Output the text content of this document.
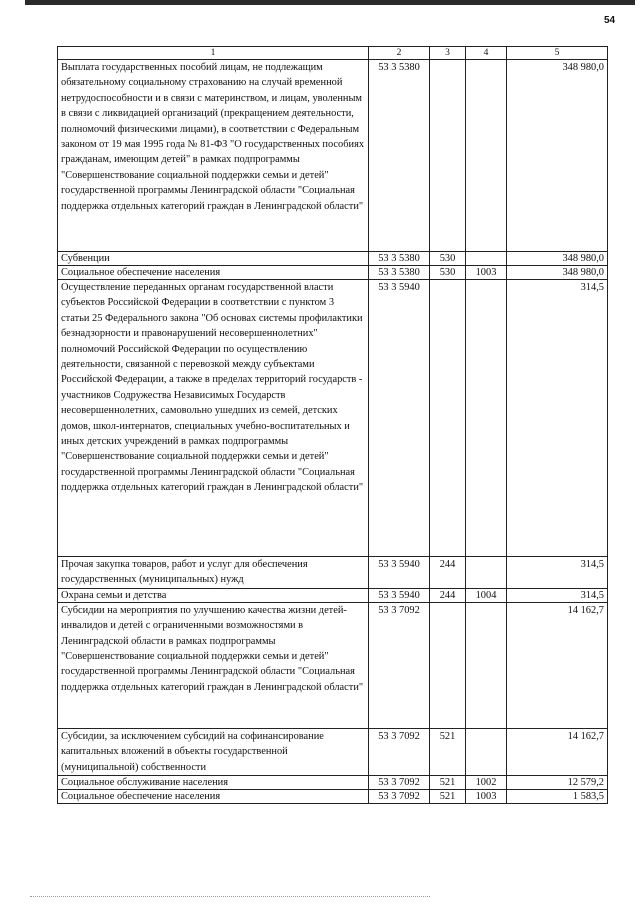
54
1	2	3	4	5
Выплата государственных пособий лицам, не подлежащим обязательному социальному страхованию на случай временной нетрудоспособности и в связи с материнством, и лицам, уволенным в связи с ликвидацией организаций (прекращением деятельности, полномочий физическими лицами), в соответствии с Федеральным законом от 19 мая 1995 года № 81-ФЗ "О государственных пособиях гражданам, имеющим детей" в рамках подпрограммы "Совершенствование социальной поддержки семьи и детей" государственной программы Ленинградской области "Социальная поддержка отдельных категорий граждан в Ленинградской области"	53 3 5380			348 980,0
Субвенции	53 3 5380	530		348 980,0
Социальное обеспечение населения	53 3 5380	530	1003	348 980,0
Осуществление переданных органам государственной власти субъектов Российской Федерации в соответствии с пунктом 3 статьи 25 Федерального закона "Об основах системы профилактики безнадзорности и правонарушений несовершеннолетних" полномочий Российской Федерации по осуществлению деятельности, связанной с перевозкой между субъектами Российской Федерации, а также в пределах территорий государств - участников Содружества Независимых Государств несовершеннолетних, самовольно ушедших из семей, детских домов, школ-интернатов, специальных учебно-воспитательных и иных детских учреждений в рамках подпрограммы "Совершенствование социальной поддержки семьи и детей" государственной программы Ленинградской области "Социальная поддержка отдельных категорий граждан в Ленинградской области"	53 3 5940			314,5
Прочая закупка товаров, работ и услуг для обеспечения государственных (муниципальных) нужд	53 3 5940	244		314,5
Охрана семьи и детства	53 3 5940	244	1004	314,5
Субсидии на мероприятия по улучшению качества жизни детей-инвалидов и детей с ограниченными возможностями в Ленинградской области в рамках подпрограммы "Совершенствование социальной поддержки семьи и детей" государственной программы Ленинградской области "Социальная поддержка отдельных категорий граждан в Ленинградской области"	53 3 7092			14 162,7
Субсидии, за исключением субсидий на софинансирование капитальных вложений в объекты государственной (муниципальной) собственности	53 3 7092	521		14 162,7
Социальное обслуживание населения	53 3 7092	521	1002	12 579,2
Социальное обеспечение населения	53 3 7092	521	1003	1 583,5
